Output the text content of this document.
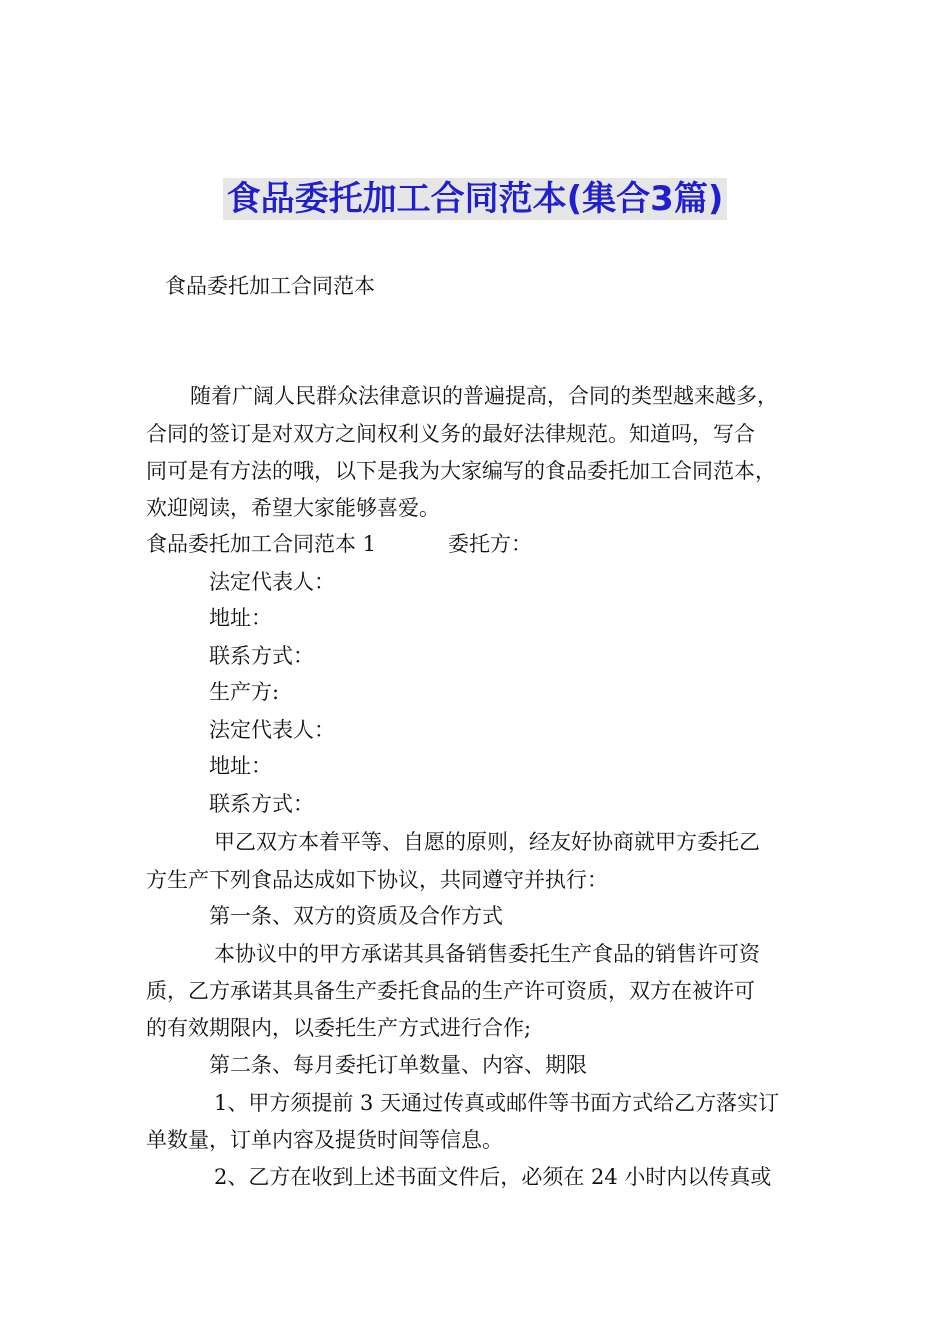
食品委托加工合同范本(集合3篇)
食品委托加工合同范本
随着广阔人民群众法律意识的普遍提高，合同的类型越来越多，
合同的签订是对双方之间权利义务的最好法律规范。知道吗，写合
同可是有方法的哦，以下是我为大家编写的食品委托加工合同范本，
欢迎阅读，希望大家能够喜爱。
食品委托加工合同范本 1	委托方：
法定代表人：
地址：
联系方式：
生产方:
法定代表人：
地址：
联系方式：
甲乙双方本着平等、自愿的原则，经友好协商就甲方委托乙
方生产下列食品达成如下协议，共同遵守并执行：
第一条、双方的资质及合作方式
本协议中的甲方承诺其具备销售委托生产食品的销售许可资
质，乙方承诺其具备生产委托食品的生产许可资质，双方在被许可
的有效期限内，以委托生产方式进行合作;
第二条、每月委托订单数量、内容、期限
1、甲方须提前 3 天通过传真或邮件等书面方式给乙方落实订
单数量，订单内容及提货时间等信息。
2、乙方在收到上述书面文件后，必须在 24 小时内以传真或
